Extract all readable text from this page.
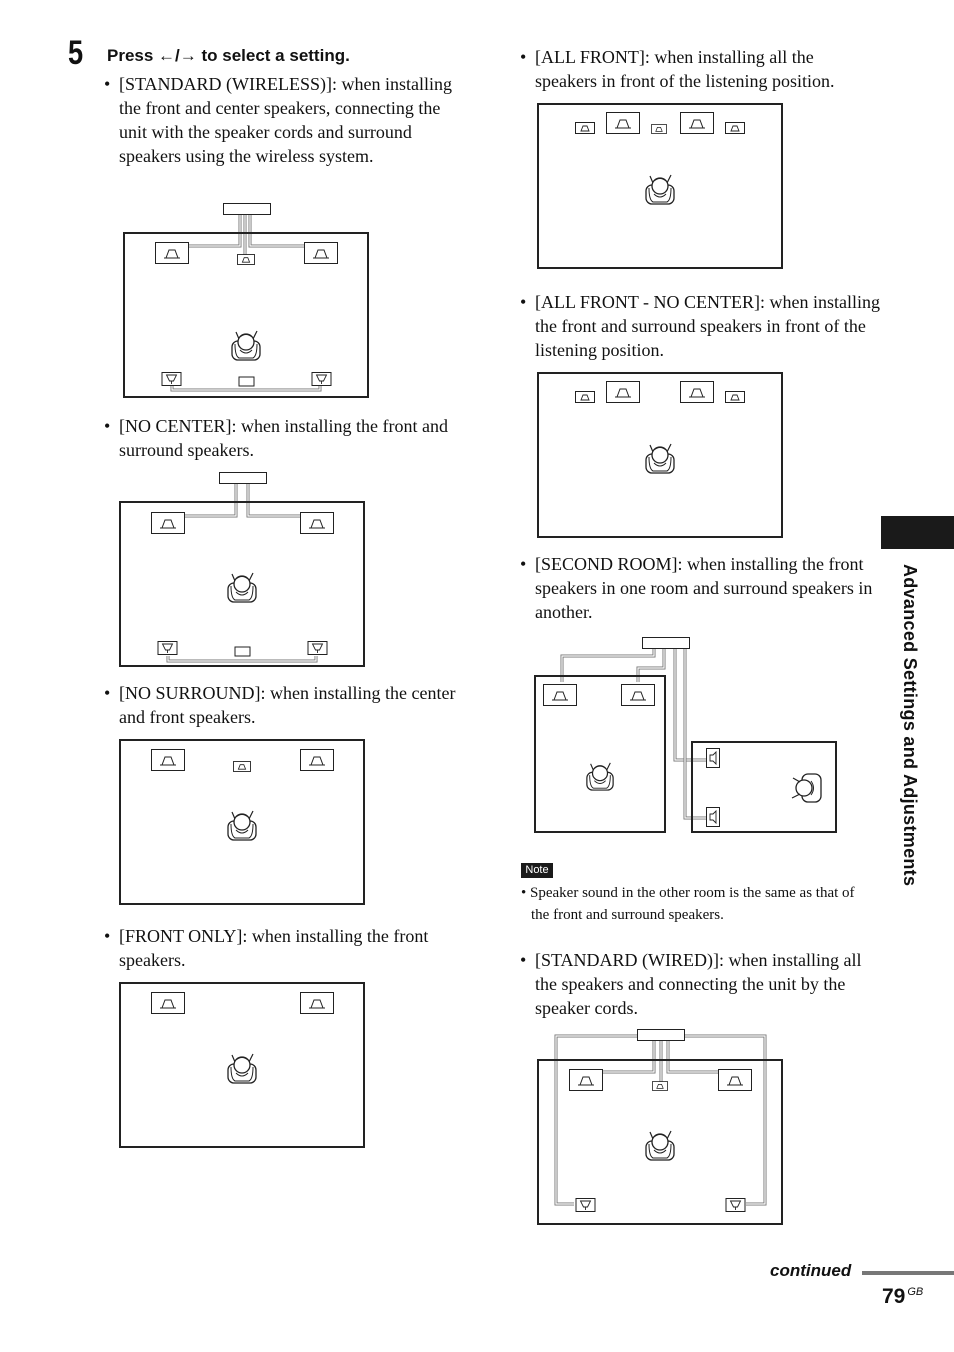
5 Press ←/→ to select a setting.
• [STANDARD (WIRELESS)]: when installing the front and center speakers, connecting the unit with the speaker cords and surround speakers using the wireless system.
• [NO CENTER]: when installing the front and surround speakers.
• [NO SURROUND]: when installing the center and front speakers.
• [FRONT ONLY]: when installing the front speakers.
• [ALL FRONT]: when installing all the speakers in front of the listening position.
• [ALL FRONT - NO CENTER]: when installing the front and surround speakers in front of the listening position.
• [SECOND ROOM]: when installing the front speakers in one room and surround speakers in another.
Note
• Speaker sound in the other room is the same as that of the front and surround speakers.
• [STANDARD (WIRED)]: when installing all the speakers and connecting the unit by the speaker cords.
Advanced Settings and Adjustments
continued
79 $^{GB}$
